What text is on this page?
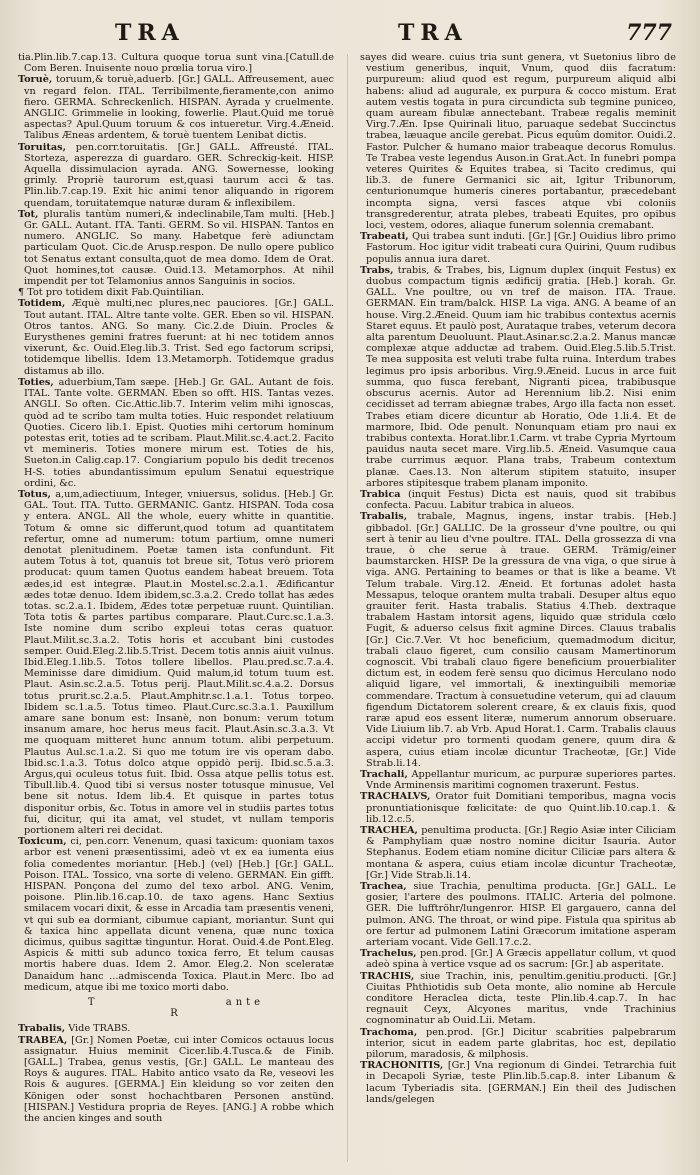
TRA	TRA	777

tia.Plin.lib.7.cap.13. Cultura quoque torua sunt vina.[Catull.de Com Beren. Inuisente nouo prœlia torua viro.]

Toruè, toruum,& toruè,aduerb. [Gr.] GALL. Affreusement, auec vn regard felon. ITAL. Terribilmente,fieramente,con animo fiero. GERMA. Schreckenlich. HISPAN. Ayrada y cruelmente. ANGLIC. Grimmelie in looking, fowerlie. Plaut.Quid me toruè aspectas? Apul.Quum toruum & cos intueretur. Virg.4.Æneid. Talibus Æneas ardentem, & toruè tuentem Lenibat dictis.

Toruitas, pen.corr.toruitatis. [Gr.] GALL. Affreusté. ITAL. Storteza, asperezza di guardaro. GER. Schreckig-keit. HISP. Aquella dissimulacion ayrada. ANG. Sowernesse, looking grimly. Propriè taurorum est,quasi taurum acci & tas. Plin.lib.7.cap.19. Exit hic animi tenor aliquando in rigorem quendam, toruitatemque naturæ duram & inflexibilem.

Tot, pluralis tantùm numeri,& indeclinabile,Tam multi. [Heb.] Gr. GALL. Autant. ITA. Tanti. GERM. So vil. HISPAN. Tantos en numero. ANGLIC. So many. Habetque ferè adiunctam particulam Quot. Cic.de Arusp.respon. De nullo opere publico tot Senatus extant consulta,quot de mea domo. Idem de Orat. Quot homines,tot causæ. Ouid.13. Metamorphos. At nihil impendit per tot Telamonius annos Sanguinis in socios.

¶ Tot pro totidem dixit Fab.Quintilian.

Totidem, Æquè multi,nec plures,nec pauciores. [Gr.] GALL. Tout autant. ITAL. Altre tante volte. GER. Eben so vil. HISPAN. Otros tantos. ANG. So many. Cic.2.de Diuin. Procles & Eurysthenes gemini fratres fuerunt: at hi nec totidem annos vixerunt, &c. Ouid.Eleg.lib.3. Trist. Sed ego factorum scripsi, totidemque libellis. Idem 13.Metamorph. Totidemque gradus distamus ab illo.

Toties, aduerbium,Tam sæpe. [Heb.] Gr. GAL. Autant de fois. ITAL. Tante volte. GERMAN. Eben so offt. HIS. Tantas vezes. ANGLI. So often. Cic.Attic.lib.7. Interim velim mihi ignoscas, quòd ad te scribo tam multa toties. Huic respondet relatiuum Quoties. Cicero lib.1. Epist. Quoties mihi certorum hominum potestas erit, toties ad te scribam. Plaut.Milit.sc.4.act.2. Facito vt memineris. Toties monere mirum est. Toties de his, Sueton.in Calig.cap.17. Congiarium populo bis dedit trecenos H-S. toties abundantissimum epulum Senatui equestrique ordini, &c.

Totus, a,um,adiectiuum, Integer, vniuersus, solidus. [Heb.] Gr. GAL. Tout. ITA. Tutto. GERMANIC. Gantz. HISPAN. Toda cosa y entera. ANGL. All the whole, euery whitte in quantitie. Totum & omne sic differunt,quod totum ad quantitatem refertur, omne ad numerum: totum partium, omne numeri denotat plenitudinem. Poetæ tamen ista confundunt. Fit autem Totus à tot, quanuis tot breue sit, Totus verò priorem producat: quum tamen Quotus eandem habeat breuem. Tota ædes,id est integræ. Plaut.in Mostel.sc.2.a.1. Ædificantur ædes totæ denuo. Idem ibidem,sc.3.a.2. Credo tollat has ædes totas. sc.2.a.1. Ibidem, Ædes totæ perpetuæ ruunt. Quintilian. Tota totis & partes partibus comparare. Plaut.Curc.sc.1.a.3. Iste nomine dum scribo expleui totas ceras quatuor. Plaut.Milit.sc.3.a.2. Totis horis et accubant bini custodes semper. Ouid.Eleg.2.lib.5.Trist. Decem totis annis aiuit vulnus. Ibid.Eleg.1.lib.5. Totos tollere libellos. Plau.pred.sc.7.a.4. Meminisse dare dimidium. Quid malum,id totum tuum est. Plaut. Asin.sc.2.a.5. Totus perij. Plaut.Milit.sc.4.a.2. Dorsus totus prurit.sc.2.a.5. Plaut.Amphitr.sc.1.a.1. Totus torpeo. Ibidem sc.1.a.5. Totus timeo. Plaut.Curc.sc.3.a.1. Pauxillum amare sane bonum est: Insanè, non bonum: verum totum insanum amare, hoc herus meus facit. Plaut.Asin.sc.3.a.3. Vt me quoquam mitteret hunc annum totum. alibi perpetuum. Plautus Aul.sc.1.a.2. Si quo me totum ire vis operam dabo. Ibid.sc.1.a.3. Totus dolco atque oppidò perij. Ibid.sc.5.a.3. Argus,qui oculeus totus fuit. Ibid. Ossa atque pellis totus est. Tibull.lib.4. Quod tibi si versus noster totusque minusue, Vel bene sit notus. Idem lib.4. Et quisque in partes totus disponitur orbis, &c. Totus in amore vel in studiis partes totus fui, dicitur, qui ita amat, vel studet, vt nullam temporis portionem alteri rei decidat.

Toxicum, ci, pen.corr. Venenum, quasi taxicum: quoniam taxos arbor est veneni præsentissimi, adeò vt ex ea iumenta eius folia comedentes moriantur. [Heb.] (vel) [Heb.] [Gr.] GALL. Poison. ITAL. Tossico, vna sorte di veleno. GERMAN. Ein gifft. HISPAN. Ponçona del zumo del texo arbol. ANG. Venim, poisone. Plin.lib.16.cap.10. de taxo agens. Hanc Sextius smilacem vocari dixit, & esse in Arcadia tam præsentis veneni, vt qui sub ea dormiant, cibumue capiant, moriantur. Sunt qui & taxica hinc appellata dicunt venena, quæ nunc toxica dicimus, quibus sagittæ tinguntur. Horat. Ouid.4.de Pont.Eleg. Aspicis & mitti sub adunco toxica ferro, Et telum causas mortis habere duas. Idem 2. Amor. Eleg.2. Non sceleratæ Danaidum hanc ...admiscenda Toxica. Plaut.in Merc. Ibo ad medicum, atque ibi me toxico morti dabo.

T	ante R

Trabalis, Vide TRABS.

TRABEA, [Gr.] Nomen Poetæ, cui inter Comicos octauus locus assignatur. Huius meminit Cicer.lib.4.Tusca.& de Finib. [GALL.] Trabea, genus vestis, [Gr.] GALL. Le manteau des Roys & augures. ITAL. Habito antico vsato da Re, veseovi les Rois & augures. [GERMA.] Ein kleidung so vor zeiten den Königen oder sonst hochachtbaren Personen anstünd. [HISPAN.] Vestidura propria de Reyes. [ANG.] A robbe which the ancien kinges and south

sayes did weare. cuius tria sunt genera, vt Suetonius libro de vestium generibus, inquit, Vnum, quod diis facratum: purpureum: aliud quod est regum, purpureum aliquid albi habens: aliud ad augurale, ex purpura & cocco mistum. Erat autem vestis togata in pura circundicta sub tegmine puniceo, quam auream fibulæ annectebant. Trabeæ regalis meminit Virg.7.Æn. Ipse Quirinali lituo, paruaque sedebat Succinctus trabea, læuaque ancile gerebat. Picus equûm domitor. Ouidi.2. Fastor. Pulcher & humano maior trabeaque decorus Romulus. Te Trabea veste legendus Auson.in Grat.Act. In funebri pompa veteres Quirites & Equites trabea, si Tacito credimus, qui lib.3. de funere Germanici sic ait, Igitur Tribunorum, centurionumque humeris cineres portabantur, præcedebant incompta signa, versi fasces atque vbi coloniis transgrederentur, atrata plebes, trabeati Equites, pro opibus loci, vestem, odores, aliaque funerum solennia cremabant.

Trabeati, Qui trabea sunt induti. [Gr.] [Gr.] Ouidius libro primo Fastorum. Hoc igitur vidit trabeati cura Quirini, Quum rudibus populis annua iura daret.

Trabs, trabis, & Trabes, bis, Lignum duplex (inquit Festus) ex duobus compactum tignis ædificij gratia. [Heb.] korah. Gr. GALL. Vne poultre, ou vn tref de maison. ITA. Traue. GERMAN. Ein tram/balck. HISP. La viga. ANG. A beame of an house. Virg.2.Æneid. Quum iam hic trabibus contextus acernis Staret equus. Et paulò post, Aurataque trabes, veterum decora alta parentum Deuoluunt. Plaut.Asinar.sc.2.a.2. Manus mancæ complexæ atque adductæ ad trabem. Ouid.Eleg.5.lib.5.Trist. Te mea supposita est veluti trabe fulta ruina. Interdum trabes legimus pro ipsis arboribus. Virg.9.Æneid. Lucus in arce fuit summa, quo fusca ferebant, Nigranti picea, trabibusque obscurus acernis. Autor ad Herennium lib.2. Nisi enim cecidisset ad terram abiegnæ trabes, Argo illa facta non esset. Trabes etiam dicere dicuntur ab Horatio, Ode 1.li.4. Et de marmore, Ibid. Ode penult. Nonunquam etiam pro naui ex trabibus contexta. Horat.libr.1.Carm. vt trabe Cypria Myrtoum pauidus nauta secet mare. Virg.lib.5. Æneid. Vasumque caua trabe currimus æquor. Plana trabs, Trabeum contextum planæ. Caes.13. Non alterum stipitem statuito, insuper arbores stipitesque trabem planam imponito.

Trabica (inquit Festus) Dicta est nauis, quod sit trabibus confecta. Pacuu. Labitur trabica in alueos.

Trabalis, trabale, Magnus, ingens, instar trabis. [Heb.] gibbadol. [Gr.] GALLIC. De la grosseur d'vne poultre, ou qui sert à tenir au lieu d'vne poultre. ITAL. Della grossezza di vna traue, ò che serue à traue. GERM. Trämig/einer baumstarcken. HISP. De la gressura de vna viga, o que sirue à viga. ANG. Pertaining to beames or that is like a beame. Vt Telum trabale. Virg.12. Æneid. Et fortunas adolet hasta Messapus, teloque orantem multa trabali. Desuper altus equo grauiter ferit. Hasta trabalis. Statius 4.Theb. dextraque trabalem Hastam intorsit agens, liquido quæ stridula cœlo Fugit, & aduerso celsus fixit agmine Dirces. Clauus trabalis [Gr.] Cic.7.Ver. Vt hoc beneficium, quemadmodum dicitur, trabali clauo figeret, cum consilio causam Mamertinorum cognoscit. Vbi trabali clauo figere beneficium prouerbialiter dictum est, in eodem ferè sensu quo dicimus Herculano nodo aliquid ligare, vel immortali, & inextinguibili memoriæ commendare. Tractum à consuetudine veterum, qui ad clauum figendum Dictatorem solerent creare, & ex clauis fixis, quod raræ apud eos essent literæ, numerum annorum obseruare. Vide Liuium lib.7. ab Vrb. Apud Horat.1. Carm. Trabalis clauus accipi videtur pro tormenti quodam genere, quum dira & aspera, cuius etiam incolæ dicuntur Tracheotæ, [Gr.] Vide Strab.li.14.

Trachali, Appellantur muricum, ac purpuræ superiores partes. Vnde Arminensis maritimi cognomen traxerunt. Festus.

TRACHALVS, Orator fuit Domitiani temporibus, magna vocis pronuntiationisque fœlicitate: de quo Quint.lib.10.cap.1. & lib.12.c.5.

TRACHEA, penultima producta. [Gr.] Regio Asiæ inter Ciliciam & Pamphyliam quæ nostro nomine dicitur Isauria. Autor Stephanus. Eodem etiam nomine dicitur Ciliciæ pars altera & montana & aspera, cuius etiam incolæ dicuntur Tracheotæ, [Gr.] Vide Strab.li.14.

Trachea, siue Trachia, penultima producta. [Gr.] GALL. Le gosier, l'artere des poulmons. ITALIC. Arteria del polmone. GER. Die lufftröhr/lungenror. HISP. El gargauero, canna del pulmon. ANG. The throat, or wind pipe. Fistula qua spiritus ab ore fertur ad pulmonem Latini Græcorum imitatione asperam arteriam vocant. Vide Gell.17.c.2.

Trachelus, pen.prod. [Gr.] A Græcis appellatur collum, vt quod adeò spina à vertice vsque ad os sacrum: [Gr.] ab asperitate.

TRACHIS, siue Trachin, inis, penultim.genitiu.producti. [Gr.] Ciuitas Phthiotidis sub Oeta monte, alio nomine ab Hercule conditore Heraclea dicta, teste Plin.lib.4.cap.7. In hac regnauit Ceyx, Alcyones maritus, vnde Trachinius cognominatur ab Ouid.Lii. Metam.

Trachoma, pen.prod. [Gr.] Dicitur scabrities palpebrarum interior, sicut in eadem parte glabritas, hoc est, depilatio pilorum, maradosis, & milphosis.

TRACHONITIS, [Gr.] Vna regionum di Gindei. Tetrarchia fuit in Decapoli Syriæ, teste Plin.lib.5.cap.8. inter Libanum & lacum Tyberiadis sita. [GERMAN.] Ein theil des Judischen lands/gelegen
